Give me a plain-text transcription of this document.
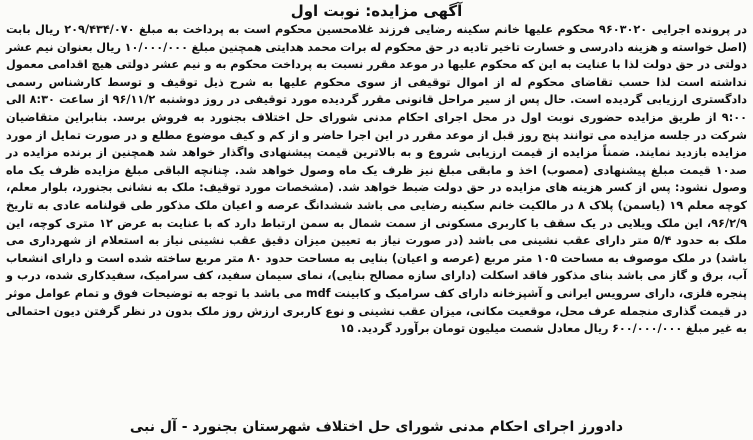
آگهی مزایده: نوبت اول

در پرونده اجرایی ۹۶۰۳۰۲۰ محکوم علیها خانم سکینه رضایی فرزند غلامحسین محکوم است به پرداخت به مبلغ ۲۰۹/۴۳۴/۰۷۰ ریال بابت (اصل خواسته و هزینه دادرسی و خسارت تاخیر تادیه در حق محکوم له برات محمد هدایتی همچنین مبلغ ۱۰/۰۰۰/۰۰۰ ریال بعنوان نیم عشر دولتی در حق دولت لذا با عنایت به این که محکوم علیها در موعد مقرر نسبت به پرداخت محکوم به و نیم عشر دولتی هیچ اقدامی معمول نداشته است لذا حسب تقاضای محکوم له از اموال توقیفی از سوی محکوم علیها به شرح ذیل توقیف و توسط کارشناس رسمی دادگستری ارزیابی گردیده است. حال پس از سیر مراحل قانونی مقرر گردیده مورد توقیفی در روز دوشنبه ۹۶/۱۱/۲ از ساعت ۸:۳۰ الی ۹:۰۰ از طریق مزایده حضوری نوبت اول در محل اجرای احکام مدنی شورای حل اختلاف بجنورد به فروش برسد. بنابراین متقاضیان شرکت در جلسه مزایده می توانند پنج روز قبل از موعد مقرر در این اجرا حاضر و از کم و کیف موضوع مطلع و در صورت تمایل از مورد مزایده بازدید نمایند. ضمناً مزایده از قیمت ارزیابی شروع و به بالاترین قیمت پیشنهادی واگذار خواهد شد همچنین از برنده مزایده در صد۱۰ قیمت مبلغ پیشنهادی (مصوب) اخذ و مابقی مبلغ نیز ظرف یک ماه وصول خواهد شد. چنانچه الباقی مبلغ مزایده ظرف یک ماه وصول نشود: پس از کسر هزینه های مزایده در حق دولت ضبط خواهد شد. (مشخصات مورد توقیف: ملک به نشانی بجنورد، بلوار معلم، کوچه معلم ۱۹ (یاسمن) پلاک ۸ در مالکیت خانم سکینه رضایی می باشد ششدانگ عرصه و اعیان ملک مذکور طی قولنامه عادی به تاریخ ۹۶/۲/۹، این ملک ویلایی در یک سقف با کاربری مسکونی از سمت شمال به سمن ارتباط دارد که با عنایت به عرض ۱۲ متری کوچه، این ملک به حدود ۵/۴ متر دارای عقب نشینی می باشد (در صورت نیاز به تعیین میزان دقیق عقب نشینی نیاز به استعلام از شهرداری می باشد) در ملک موصوف به مساحت ۱۰۵ متر مربع (عرصه و اعیان) بنایی به مساحت حدود ۸۰ متر مربع ساخته شده است و دارای انشعاب آب، برق و گاز می باشد بنای مذکور فاقد اسکلت (دارای سازه مصالح بنایی)، نمای سیمان سفید، کف سرامیک، سفیدکاری شده، درب و پنجره فلزی، دارای سرویس ایرانی و آشپزخانه دارای کف سرامیک و کابینت mdf می باشد با توجه به توضیحات فوق و تمام عوامل موثر در قیمت گذاری منجمله عرف محل، موقعیت مکانی، میزان عقب نشینی و نوع کاربری ارزش روز ملک بدون در نظر گرفتن دیون احتمالی به غیر مبلغ ۶۰۰/۰۰۰/۰۰۰ ریال معادل شصت میلیون تومان برآورد گردید. ۱۵

دادورز اجرای احکام مدنی شورای حل اختلاف شهرستان بجنورد - آل نبی
